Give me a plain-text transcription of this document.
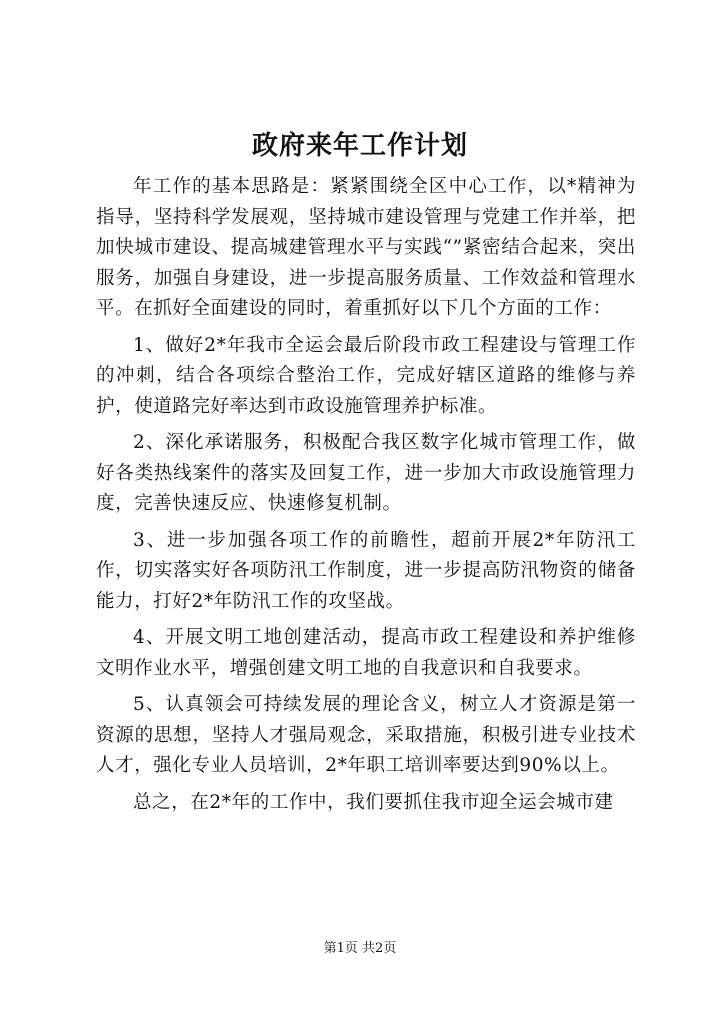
政府来年工作计划

年工作的基本思路是：紧紧围绕全区中心工作，以*精神为指导，坚持科学发展观，坚持城市建设管理与党建工作并举，把加快城市建设、提高城建管理水平与实践“”紧密结合起来，突出服务，加强自身建设，进一步提高服务质量、工作效益和管理水平。在抓好全面建设的同时，着重抓好以下几个方面的工作：

1、做好2*年我市全运会最后阶段市政工程建设与管理工作的冲刺，结合各项综合整治工作，完成好辖区道路的维修与养护，使道路完好率达到市政设施管理养护标准。

2、深化承诺服务，积极配合我区数字化城市管理工作，做好各类热线案件的落实及回复工作，进一步加大市政设施管理力度，完善快速反应、快速修复机制。

3、进一步加强各项工作的前瞻性，超前开展2*年防汛工作，切实落实好各项防汛工作制度，进一步提高防汛物资的储备能力，打好2*年防汛工作的攻坚战。

4、开展文明工地创建活动，提高市政工程建设和养护维修文明作业水平，增强创建文明工地的自我意识和自我要求。

5、认真领会可持续发展的理论含义，树立人才资源是第一资源的思想，坚持人才强局观念，采取措施，积极引进专业技术人才，强化专业人员培训，2*年职工培训率要达到90%以上。

总之，在2*年的工作中，我们要抓住我市迎全运会城市建

第1页 共2页
